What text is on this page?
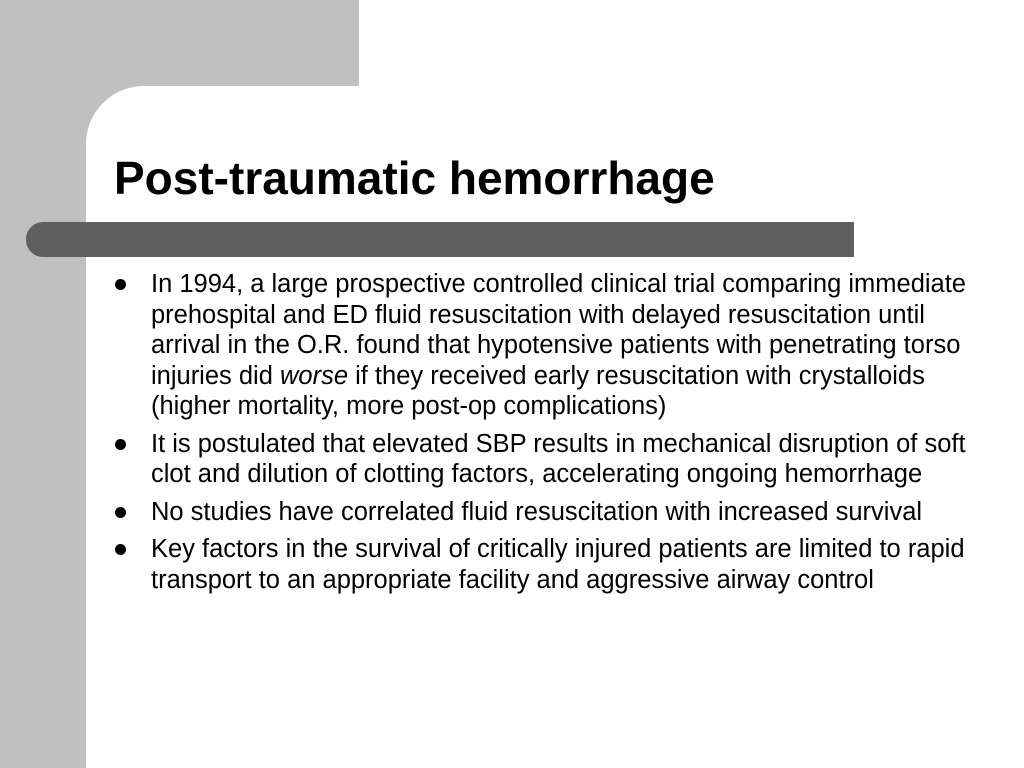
Post-traumatic hemorrhage
In 1994, a large prospective controlled clinical trial comparing immediate prehospital and ED fluid resuscitation with delayed resuscitation until arrival in the O.R. found that hypotensive patients with penetrating torso injuries did worse if they received early resuscitation with crystalloids (higher mortality, more post-op complications)
It is postulated that elevated SBP results in mechanical disruption of soft clot and dilution of clotting factors, accelerating ongoing hemorrhage
No studies have correlated fluid resuscitation with increased survival
Key factors in the survival of critically injured patients are limited to rapid transport to an appropriate facility and aggressive airway control
